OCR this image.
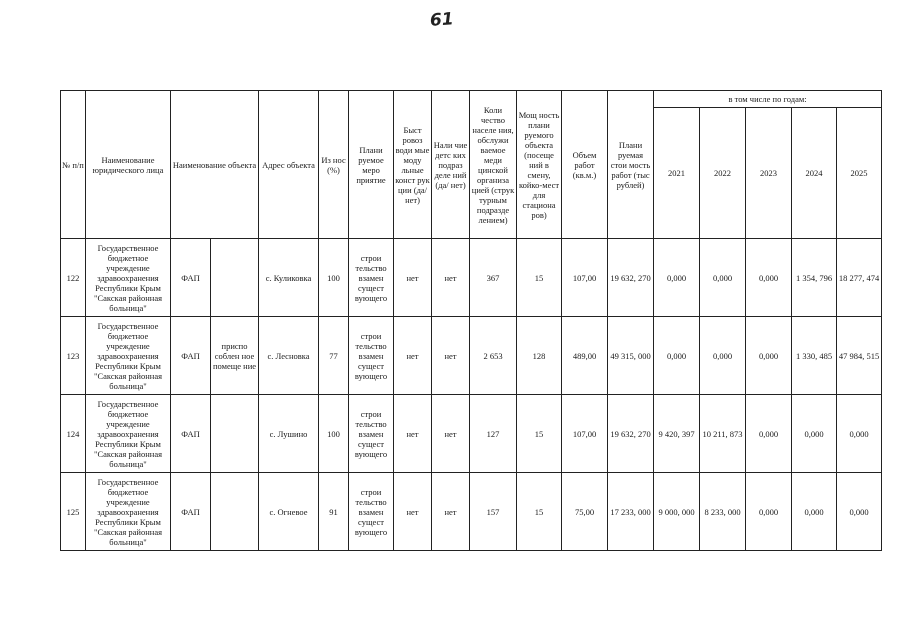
61
№ п/п	Наименование юридического лица	Наименование объекта		Адрес объекта	Из нос (%)	Плани руемое меро приятие	Быст ровоз води мые моду льные конст рук ции (да/ нет)	Нали чие детс ких подраз деле ний (да/ нет)	Коли чество населе ния, обслужи ваемое меди цинской организа цией (струк турным подразде лением)	Мощ ность плани руемого объекта (посеще ний в смену, койко-мест для стациона ров)	Объем работ (кв.м.)	Плани руемая стои мость работ (тыс рублей)	в том числе по годам:				
													2021	2022	2023	2024	2025
122	Государственное бюджетное учреждение здравоохранения Республики Крым "Сакская районная больница"	ФАП		с. Куликовка	100	строи тельство взамен сущест вующего	нет	нет	367	15	107,00	19 632, 270	0,000	0,000	0,000	1 354, 796	18 277, 474
123	Государственное бюджетное учреждение здравоохранения Республики Крым "Сакская районная больница"	ФАП	приспо соблен ное помеще ние	с. Лесновка	77	строи тельство взамен сущест вующего	нет	нет	2 653	128	489,00	49 315, 000	0,000	0,000	0,000	1 330, 485	47 984, 515
124	Государственное бюджетное учреждение здравоохранения Республики Крым "Сакская районная больница"	ФАП		с. Лушино	100	строи тельство взамен сущест вующего	нет	нет	127	15	107,00	19 632, 270	9 420, 397	10 211, 873	0,000	0,000	0,000
125	Государственное бюджетное учреждение здравоохранения Республики Крым "Сакская районная больница"	ФАП		с. Огневое	91	строи тельство взамен сущест вующего	нет	нет	157	15	75,00	17 233, 000	9 000, 000	8 233, 000	0,000	0,000	0,000
